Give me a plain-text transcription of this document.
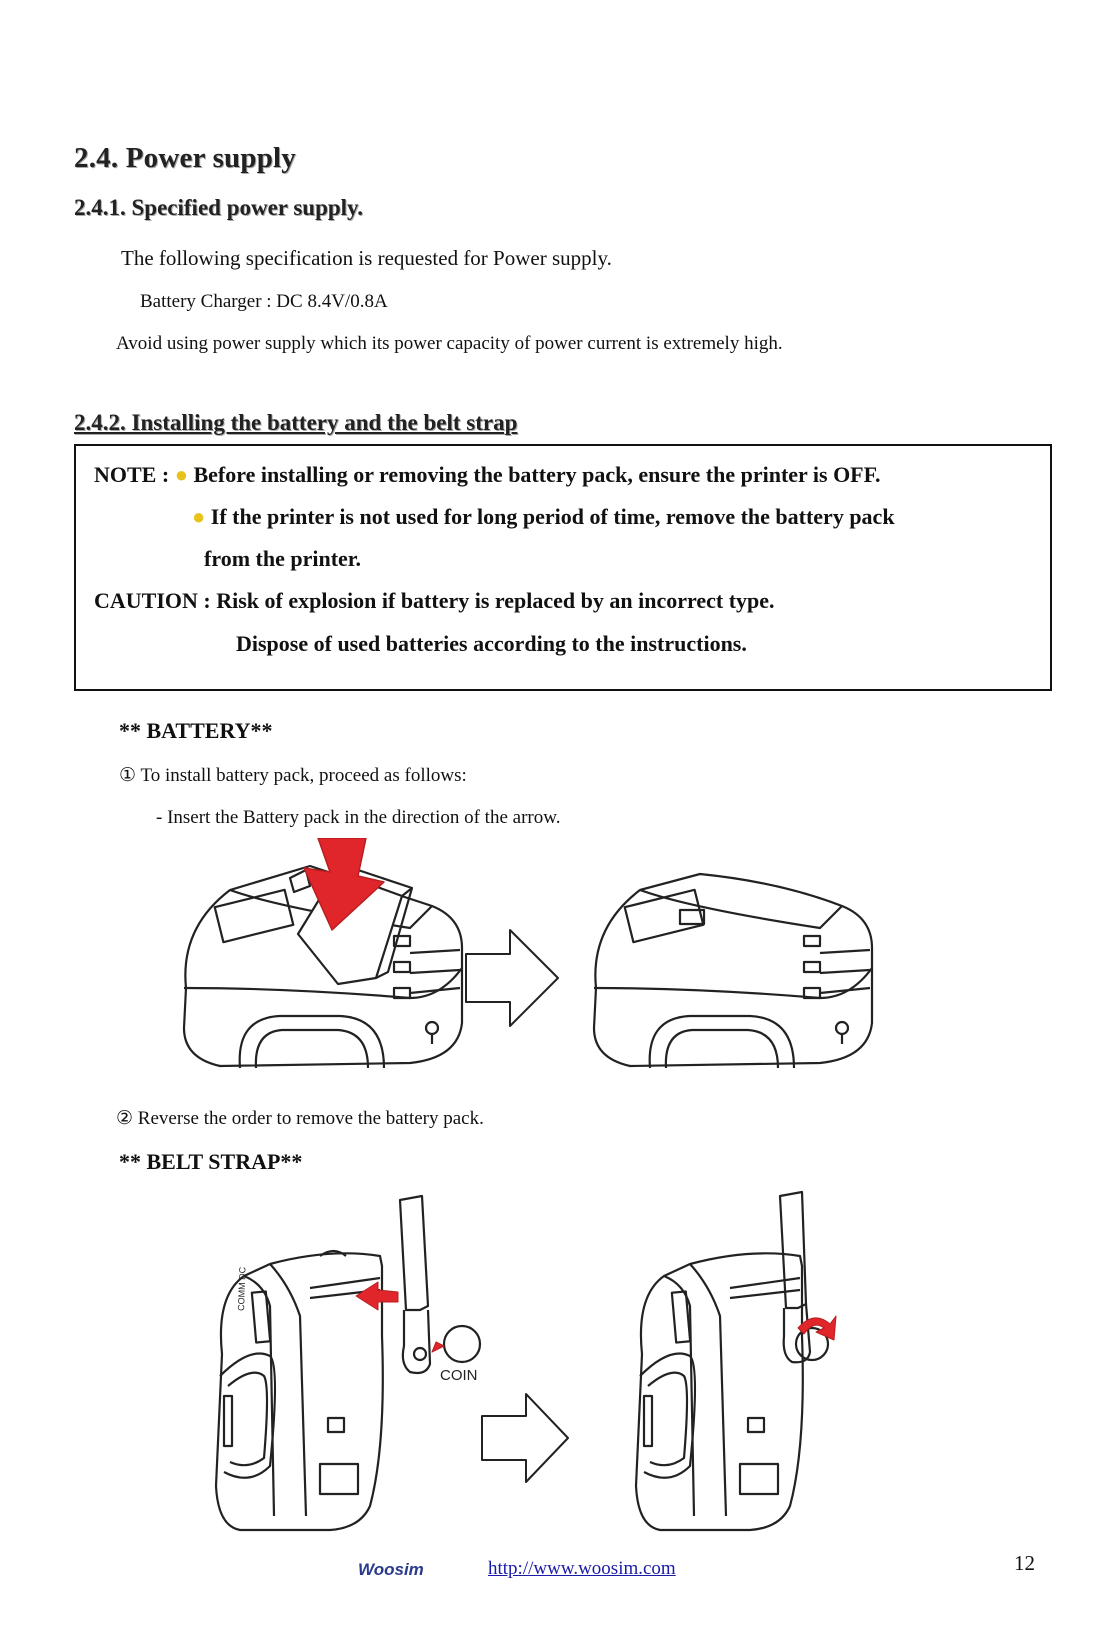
2.4. Power supply
2.4.1. Specified power supply.
The following specification is requested for Power supply.
Battery Charger : DC 8.4V/0.8A
Avoid using power supply which its power capacity of power current is extremely high.
2.4.2. Installing the battery and the belt strap
NOTE : ● Before installing or removing the battery pack, ensure the printer is OFF.
● If the printer is not used for long period of time, remove the battery pack
from the printer.
CAUTION : Risk of explosion if battery is replaced by an incorrect type.
Dispose of used batteries according to the instructions.
** BATTERY**
① To install battery pack, proceed as follows:
- Insert the Battery pack in the direction of the arrow.
② Reverse the order to remove the battery pack.
** BELT STRAP**
COIN
COMM DC
Woosim	http://www.woosim.com	12
